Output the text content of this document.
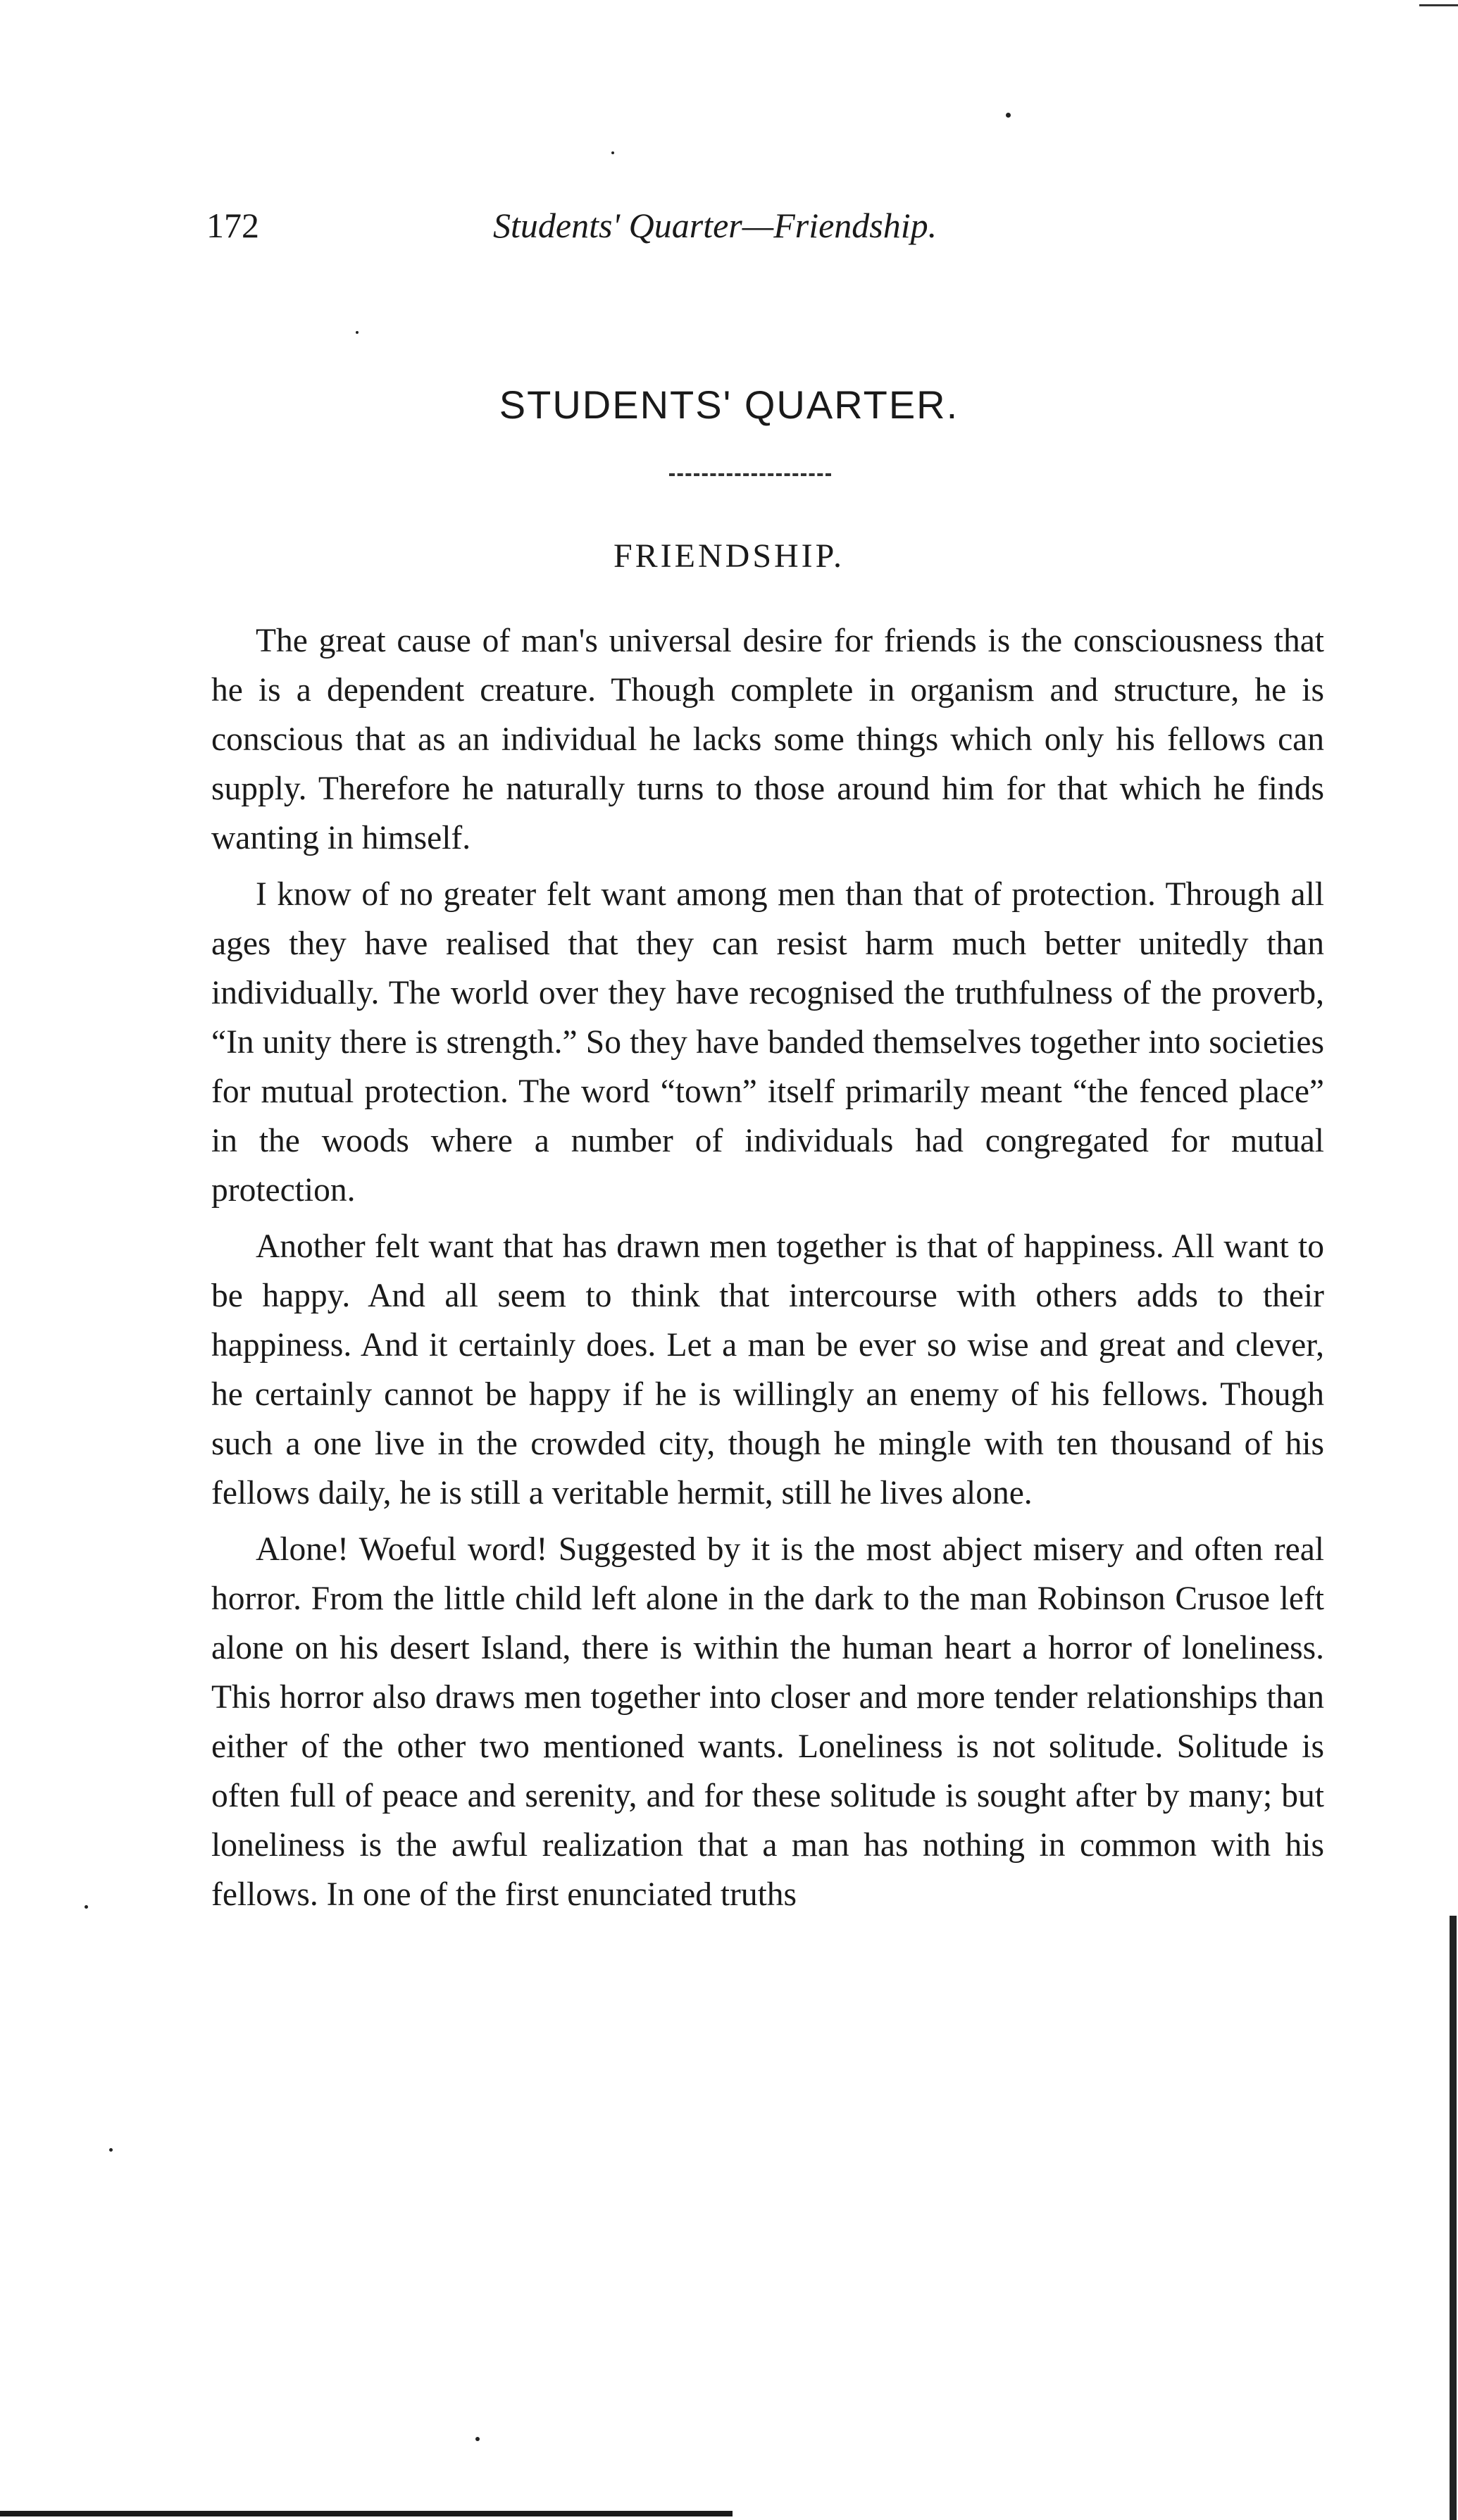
172	Students' Quarter—Friendship.
STUDENTS' QUARTER.
FRIENDSHIP.

The great cause of man's universal desire for friends is the consciousness that he is a dependent creature. Though complete in organism and structure, he is conscious that as an individual he lacks some things which only his fellows can supply. Therefore he naturally turns to those around him for that which he finds wanting in himself.

I know of no greater felt want among men than that of protection. Through all ages they have realised that they can resist harm much better unitedly than individually. The world over they have recognised the truthfulness of the proverb, “In unity there is strength.” So they have banded themselves together into societies for mutual protection. The word “town” itself primarily meant “the fenced place” in the woods where a number of individuals had congregated for mutual protection.

Another felt want that has drawn men together is that of happiness. All want to be happy. And all seem to think that intercourse with others adds to their happiness. And it certainly does. Let a man be ever so wise and great and clever, he certainly cannot be happy if he is willingly an enemy of his fellows. Though such a one live in the crowded city, though he mingle with ten thousand of his fellows daily, he is still a veritable hermit, still he lives alone.

Alone! Woeful word! Suggested by it is the most abject misery and often real horror. From the little child left alone in the dark to the man Robinson Crusoe left alone on his desert Island, there is within the human heart a horror of loneliness. This horror also draws men together into closer and more tender relationships than either of the other two mentioned wants. Loneliness is not solitude. Solitude is often full of peace and serenity, and for these solitude is sought after by many; but loneliness is the awful realization that a man has nothing in common with his fellows. In one of the first enunciated truths
